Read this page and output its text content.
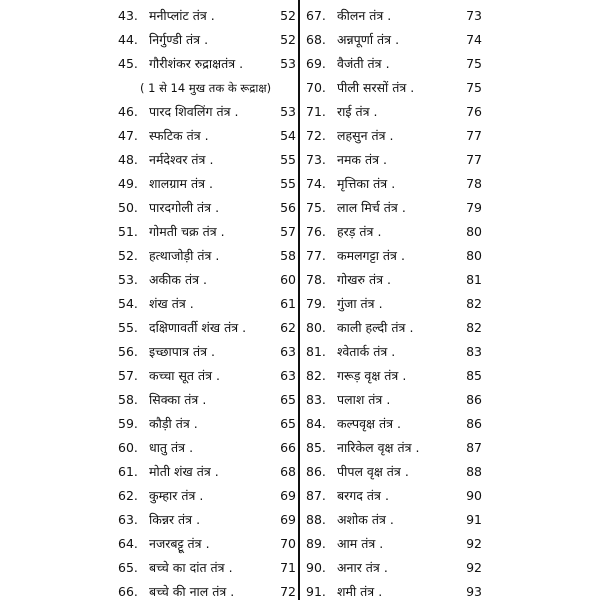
43. मनीप्लांट तंत्र .	52
44. निर्गुण्डी तंत्र .	52
45. गौरीशंकर रुद्राक्षतंत्र .	53
46. पारद शिवलिंग तंत्र .	53
47. स्फटिक तंत्र .	54
48. नर्मदेश्वर तंत्र .	55
49. शालग्राम तंत्र .	55
50. पारदगोली तंत्र .	56
51. गोमती चक्र तंत्र .	57
52. हत्थाजोड़ी तंत्र .	58
53. अकीक तंत्र .	60
54. शंख तंत्र .	61
55. दक्षिणावर्ती शंख तंत्र .	62
56. इच्छापात्र तंत्र .	63
57. कच्चा सूत तंत्र .	63
58. सिक्का तंत्र .	65
59. कौड़ी तंत्र .	65
60. धातु तंत्र .	66
61. मोती शंख तंत्र .	68
62. कुम्हार तंत्र .	69
63. किन्नर तंत्र .	69
64. नजरबट्टू तंत्र .	70
65. बच्चे का दांत तंत्र .	71
66. बच्चे की नाल तंत्र .	72
( 1 से 14 मुख तक के रूद्राक्ष)
67. कीलन तंत्र .	73
68. अन्नपूर्णा तंत्र .	74
69. वैजंती तंत्र .	75
70. पीली सरसों तंत्र .	75
71. राई तंत्र .	76
72. लहसुन तंत्र .	77
73. नमक तंत्र .	77
74. मृत्तिका तंत्र .	78
75. लाल मिर्च तंत्र .	79
76. हरड़ तंत्र .	80
77. कमलगट्टा तंत्र .	80
78. गोखरु तंत्र .	81
79. गुंजा तंत्र .	82
80. काली हल्दी तंत्र .	82
81. श्वेतार्क तंत्र .	83
82. गरूड़ वृक्ष तंत्र .	85
83. पलाश तंत्र .	86
84. कल्पवृक्ष तंत्र .	86
85. नारिकेल वृक्ष तंत्र .	87
86. पीपल वृक्ष तंत्र .	88
87. बरगद तंत्र .	90
88. अशोक तंत्र .	91
89. आम तंत्र .	92
90. अनार तंत्र .	92
91. शमी तंत्र .	93
